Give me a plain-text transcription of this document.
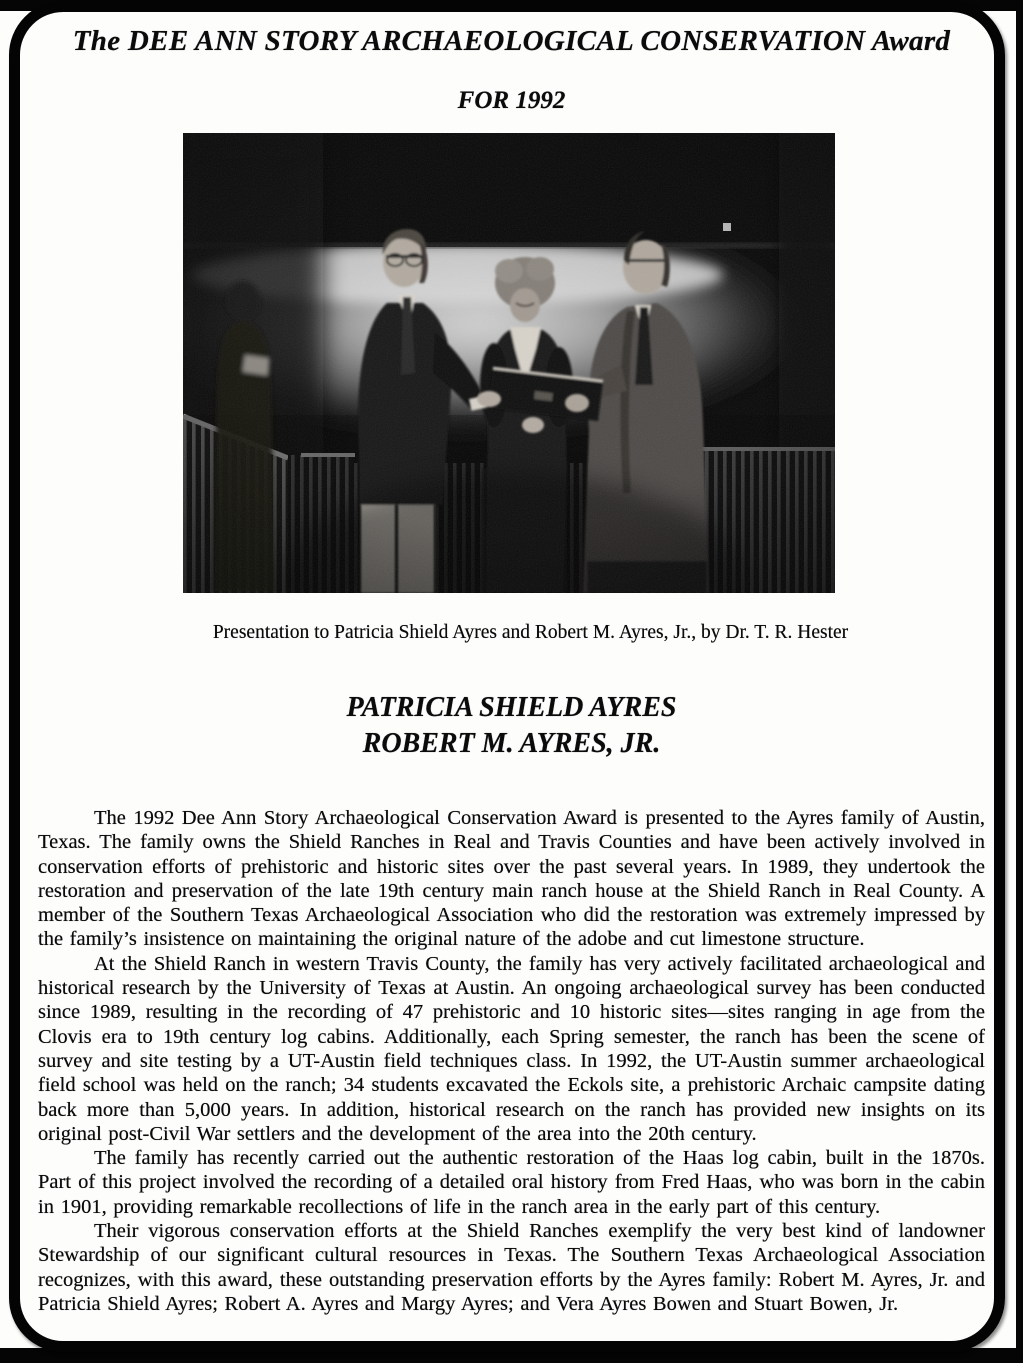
The DEE ANN STORY ARCHAEOLOGICAL CONSERVATION Award
FOR 1992
Presentation to Patricia Shield Ayres and Robert M. Ayres, Jr., by Dr. T. R. Hester
PATRICIA SHIELD AYRES
ROBERT M. AYRES, JR.

The 1992 Dee Ann Story Archaeological Conservation Award is presented to the Ayres family of Austin, Texas. The family owns the Shield Ranches in Real and Travis Counties and have been actively involved in conservation efforts of prehistoric and historic sites over the past several years. In 1989, they undertook the restoration and preservation of the late 19th century main ranch house at the Shield Ranch in Real County. A member of the Southern Texas Archaeological Association who did the restoration was extremely impressed by the family’s insistence on maintaining the original nature of the adobe and cut limestone structure.

At the Shield Ranch in western Travis County, the family has very actively facilitated archaeological and historical research by the University of Texas at Austin. An ongoing archaeological survey has been conducted since 1989, resulting in the recording of 47 prehistoric and 10 historic sites—sites ranging in age from the Clovis era to 19th century log cabins. Additionally, each Spring semester, the ranch has been the scene of survey and site testing by a UT-Austin field techniques class. In 1992, the UT-Austin summer archaeological field school was held on the ranch; 34 students excavated the Eckols site, a prehistoric Archaic campsite dating back more than 5,000 years. In addition, historical research on the ranch has provided new insights on its original post-Civil War settlers and the development of the area into the 20th century.

The family has recently carried out the authentic restoration of the Haas log cabin, built in the 1870s. Part of this project involved the recording of a detailed oral history from Fred Haas, who was born in the cabin in 1901, providing remarkable recollections of life in the ranch area in the early part of this century.

Their vigorous conservation efforts at the Shield Ranches exemplify the very best kind of landowner Stewardship of our significant cultural resources in Texas. The Southern Texas Archaeological Association recognizes, with this award, these outstanding preservation efforts by the Ayres family: Robert M. Ayres, Jr. and Patricia Shield Ayres; Robert A. Ayres and Margy Ayres; and Vera Ayres Bowen and Stuart Bowen, Jr.
